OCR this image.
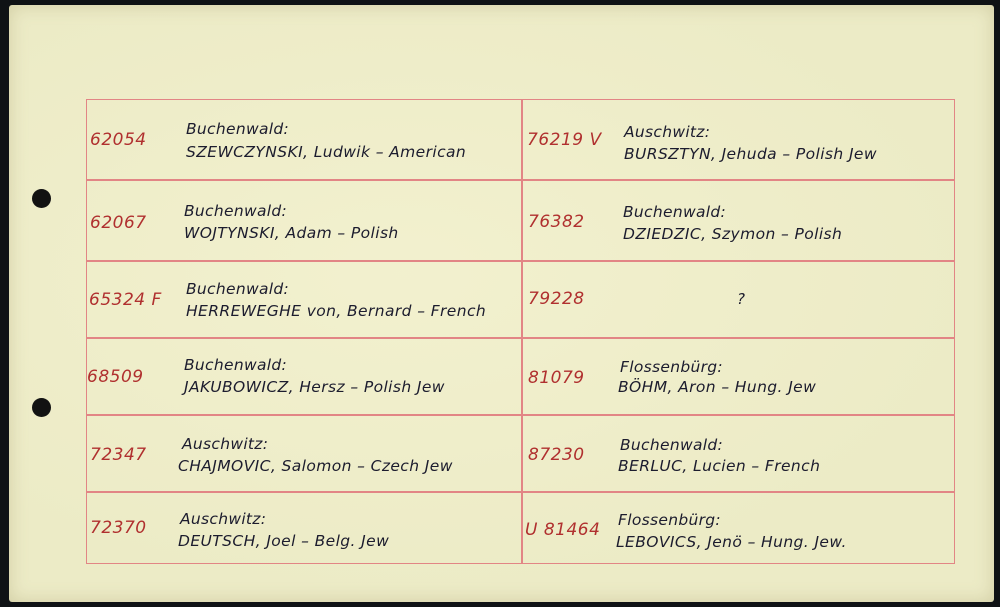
62054
Buchenwald:
SZEWCZYNSKI, Ludwik – American
62067
Buchenwald:
WOJTYNSKI, Adam – Polish
65324 F
Buchenwald:
HERREWEGHE von, Bernard – French
68509
Buchenwald:
JAKUBOWICZ, Hersz – Polish Jew
72347
Auschwitz:
CHAJMOVIC, Salomon – Czech Jew
72370 Auschwitz:
DEUTSCH, Joel – Belg. Jew
76219 V Auschwitz:
BURSZTYN, Jehuda – Polish Jew
76382 Buchenwald:
DZIEDZIC, Szymon – Polish
79228	?
81079
Flossenbürg:
BÖHM, Aron – Hung. Jew
87230 Buchenwald:
BERLUC, Lucien – French
U 81464 Flossenbürg:
LEBOVICS, Jenö – Hung. Jew.
